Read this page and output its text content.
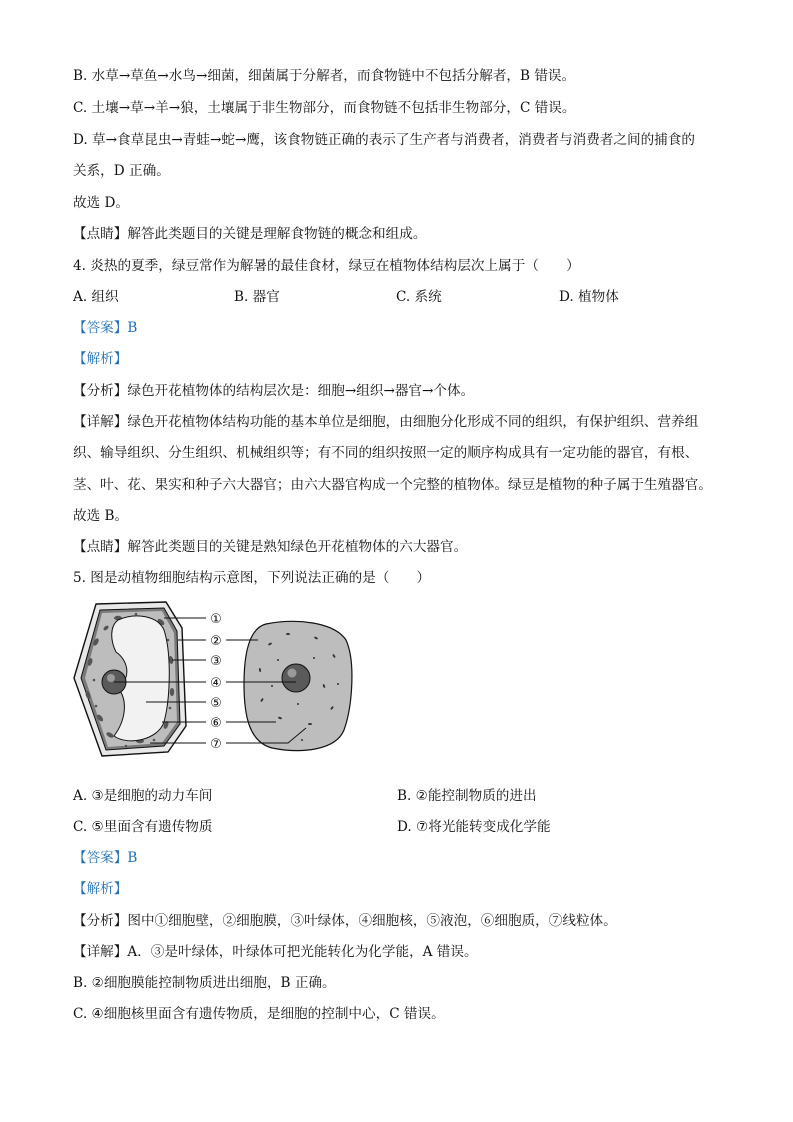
B. 水草→草鱼→水鸟→细菌，细菌属于分解者，而食物链中不包括分解者，B 错误。
C. 土壤→草→羊→狼，土壤属于非生物部分，而食物链不包括非生物部分，C 错误。
D. 草→食草昆虫→青蛙→蛇→鹰，该食物链正确的表示了生产者与消费者，消费者与消费者之间的捕食的
关系，D 正确。
故选 D。
【点睛】解答此类题目的关键是理解食物链的概念和组成。
4. 炎热的夏季，绿豆常作为解暑的最佳食材，绿豆在植物体结构层次上属于（　　）
A. 组织	B. 器官	C. 系统	D. 植物体
【答案】B
【解析】
【分析】绿色开花植物体的结构层次是：细胞→组织→器官→个体。
【详解】绿色开花植物体结构功能的基本单位是细胞，由细胞分化形成不同的组织，有保护组织、营养组
织、输导组织、分生组织、机械组织等；有不同的组织按照一定的顺序构成具有一定功能的器官，有根、
茎、叶、花、果实和种子六大器官；由六大器官构成一个完整的植物体。绿豆是植物的种子属于生殖器官。
故选 B。
【点睛】解答此类题目的关键是熟知绿色开花植物体的六大器官。
5. 图是动植物细胞结构示意图，下列说法正确的是（　　）
①
②
③
④
⑤
⑥
⑦
A. ③是细胞的动力车间	B. ②能控制物质的进出
C. ⑤里面含有遗传物质	D. ⑦将光能转变成化学能
【答案】B
【解析】
【分析】图中①细胞壁，②细胞膜，③叶绿体，④细胞核，⑤液泡，⑥细胞质，⑦线粒体。
【详解】A．③是叶绿体，叶绿体可把光能转化为化学能，A 错误。
B. ②细胞膜能控制物质进出细胞，B 正确。
C. ④细胞核里面含有遗传物质，是细胞的控制中心，C 错误。
